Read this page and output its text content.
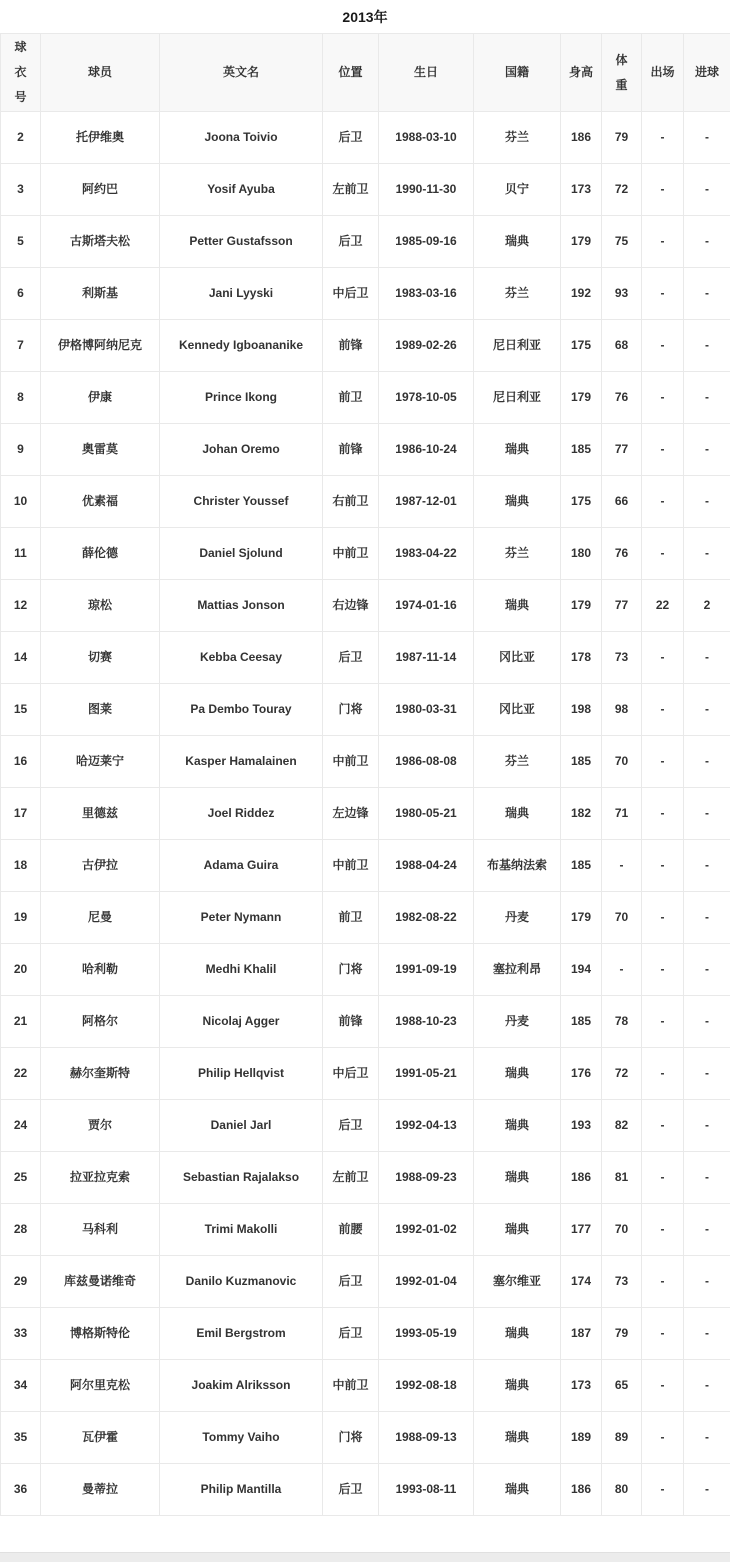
2013年
球衣号	球员	英文名	位置	生日	国籍	身高	体重	出场	进球
2	托伊维奥	Joona Toivio	后卫	1988-03-10	芬兰	186	79	-	-
3	阿约巴	Yosif Ayuba	左前卫	1990-11-30	贝宁	173	72	-	-
5	古斯塔夫松	Petter Gustafsson	后卫	1985-09-16	瑞典	179	75	-	-
6	利斯基	Jani Lyyski	中后卫	1983-03-16	芬兰	192	93	-	-
7	伊格博阿纳尼克	Kennedy Igboananike	前锋	1989-02-26	尼日利亚	175	68	-	-
8	伊康	Prince Ikong	前卫	1978-10-05	尼日利亚	179	76	-	-
9	奥雷莫	Johan Oremo	前锋	1986-10-24	瑞典	185	77	-	-
10	优素福	Christer Youssef	右前卫	1987-12-01	瑞典	175	66	-	-
11	薛伦德	Daniel Sjolund	中前卫	1983-04-22	芬兰	180	76	-	-
12	琼松	Mattias Jonson	右边锋	1974-01-16	瑞典	179	77	22	2
14	切赛	Kebba Ceesay	后卫	1987-11-14	冈比亚	178	73	-	-
15	图莱	Pa Dembo Touray	门将	1980-03-31	冈比亚	198	98	-	-
16	哈迈莱宁	Kasper Hamalainen	中前卫	1986-08-08	芬兰	185	70	-	-
17	里德兹	Joel Riddez	左边锋	1980-05-21	瑞典	182	71	-	-
18	古伊拉	Adama Guira	中前卫	1988-04-24	布基纳法索	185	-	-	-
19	尼曼	Peter Nymann	前卫	1982-08-22	丹麦	179	70	-	-
20	哈利勒	Medhi Khalil	门将	1991-09-19	塞拉利昂	194	-	-	-
21	阿格尔	Nicolaj Agger	前锋	1988-10-23	丹麦	185	78	-	-
22	赫尔奎斯特	Philip Hellqvist	中后卫	1991-05-21	瑞典	176	72	-	-
24	贾尔	Daniel Jarl	后卫	1992-04-13	瑞典	193	82	-	-
25	拉亚拉克索	Sebastian Rajalakso	左前卫	1988-09-23	瑞典	186	81	-	-
28	马科利	Trimi Makolli	前腰	1992-01-02	瑞典	177	70	-	-
29	库兹曼诺维奇	Danilo Kuzmanovic	后卫	1992-01-04	塞尔维亚	174	73	-	-
33	博格斯特伦	Emil Bergstrom	后卫	1993-05-19	瑞典	187	79	-	-
34	阿尔里克松	Joakim Alriksson	中前卫	1992-08-18	瑞典	173	65	-	-
35	瓦伊霍	Tommy Vaiho	门将	1988-09-13	瑞典	189	89	-	-
36	曼蒂拉	Philip Mantilla	后卫	1993-08-11	瑞典	186	80	-	-
